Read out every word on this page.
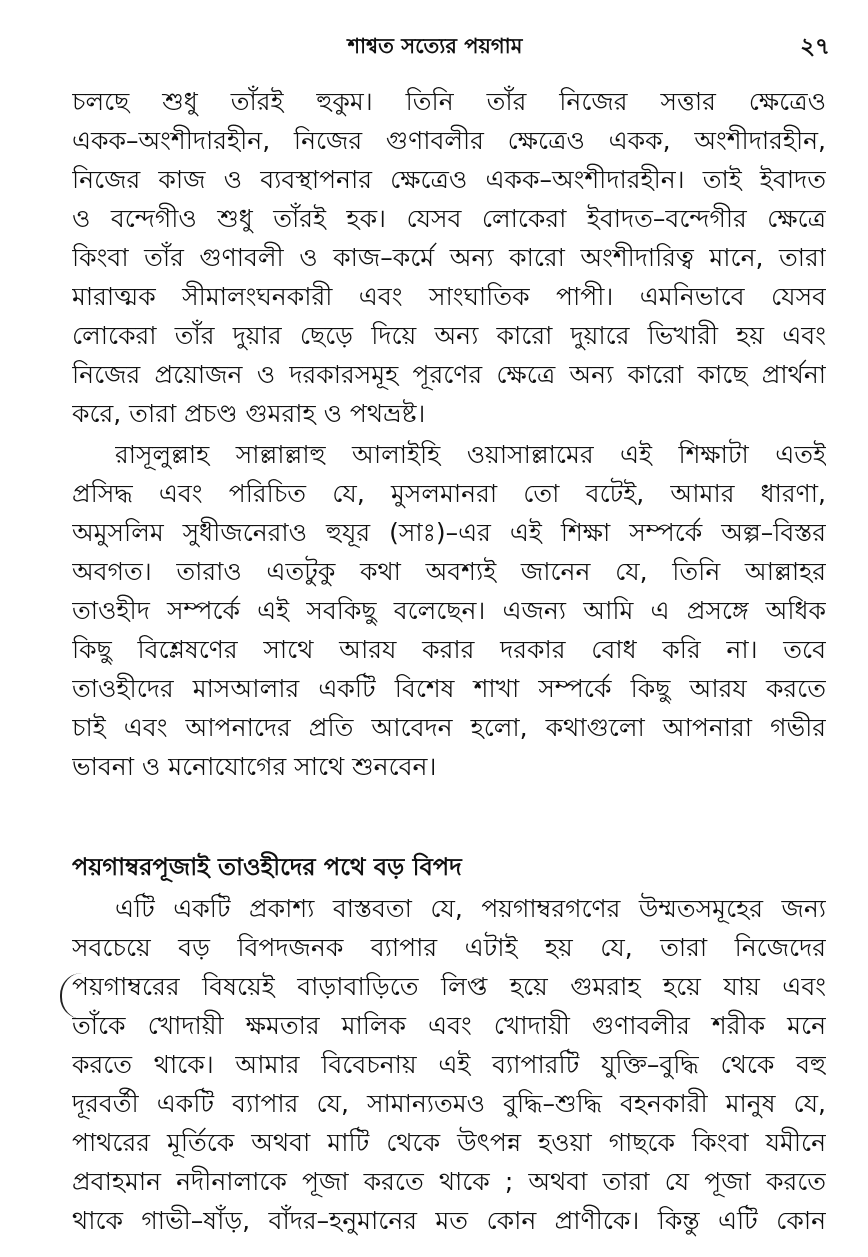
শাশ্বত সত্যের পয়গাম	২৭
চলছে শুধু তাঁরই হুকুম। তিনি তাঁর নিজের সত্তার ক্ষেত্রেও
একক–অংশীদারহীন, নিজের গুণাবলীর ক্ষেত্রেও একক, অংশীদারহীন,
নিজের কাজ ও ব্যবস্থাপনার ক্ষেত্রেও একক–অংশীদারহীন। তাই ইবাদত
ও বন্দেগীও শুধু তাঁরই হক। যেসব লোকেরা ইবাদত–বন্দেগীর ক্ষেত্রে
কিংবা তাঁর গুণাবলী ও কাজ–কর্মে অন্য কারো অংশীদারিত্ব মানে, তারা
মারাত্মক সীমালংঘনকারী এবং সাংঘাতিক পাপী। এমনিভাবে যেসব
লোকেরা তাঁর দুয়ার ছেড়ে দিয়ে অন্য কারো দুয়ারে ভিখারী হয় এবং
নিজের প্রয়োজন ও দরকারসমূহ পূরণের ক্ষেত্রে অন্য কারো কাছে প্রার্থনা
করে, তারা প্রচণ্ড গুমরাহ ও পথভ্রষ্ট।
রাসূলুল্লাহ সাল্লাল্লাহু আলাইহি ওয়াসাল্লামের এই শিক্ষাটা এতই
প্রসিদ্ধ এবং পরিচিত যে, মুসলমানরা তো বটেই, আমার ধারণা,
অমুসলিম সুধীজনেরাও হুযূর (সাঃ)–এর এই শিক্ষা সম্পর্কে অল্প–বিস্তর
অবগত। তারাও এতটুকু কথা অবশ্যই জানেন যে, তিনি আল্লাহর
তাওহীদ সম্পর্কে এই সবকিছু বলেছেন। এজন্য আমি এ প্রসঙ্গে অধিক
কিছু বিশ্লেষণের সাথে আরয করার দরকার বোধ করি না। তবে
তাওহীদের মাসআলার একটি বিশেষ শাখা সম্পর্কে কিছু আরয করতে
চাই এবং আপনাদের প্রতি আবেদন হলো, কথাগুলো আপনারা গভীর
ভাবনা ও মনোযোগের সাথে শুনবেন।
পয়গাম্বরপূজাই তাওহীদের পথে বড় বিপদ
এটি একটি প্রকাশ্য বাস্তবতা যে, পয়গাম্বরগণের উম্মতসমূহের জন্য
সবচেয়ে বড় বিপদজনক ব্যাপার এটাই হয় যে, তারা নিজেদের
পয়গাম্বরের বিষয়েই বাড়াবাড়িতে লিপ্ত হয়ে গুমরাহ হয়ে যায় এবং
তাঁকে খোদায়ী ক্ষমতার মালিক এবং খোদায়ী গুণাবলীর শরীক মনে
করতে থাকে। আমার বিবেচনায় এই ব্যাপারটি যুক্তি–বুদ্ধি থেকে বহু
দূরবর্তী একটি ব্যাপার যে, সামান্যতমও বুদ্ধি–শুদ্ধি বহনকারী মানুষ যে,
পাথরের মূর্তিকে অথবা মাটি থেকে উৎপন্ন হওয়া গাছকে কিংবা যমীনে
প্রবাহমান নদীনালাকে পূজা করতে থাকে ; অথবা তারা যে পূজা করতে
থাকে গাভী–ষাঁড়, বাঁদর–হনুমানের মত কোন প্রাণীকে। কিন্তু এটি কোন
